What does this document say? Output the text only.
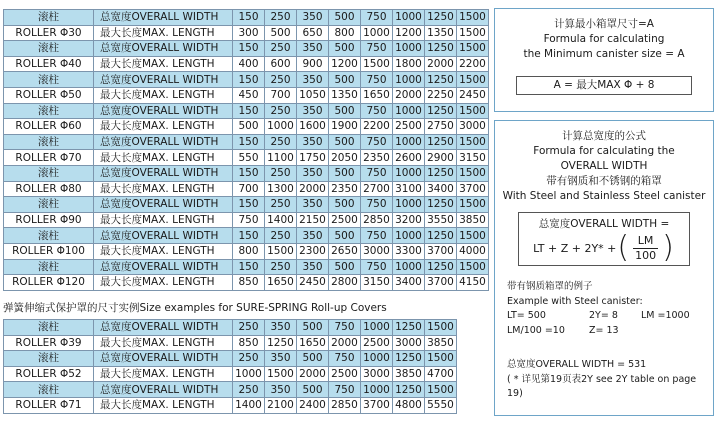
滚柱	总宽度OVERALL WIDTH	150	250	350	500	750	1000	1250	1500
ROLLER Φ30	最大长度MAX. LENGTH	300	500	650	800	1000	1200	1350	1500
滚柱	总宽度OVERALL WIDTH	150	250	350	500	750	1000	1250	1500
ROLLER Φ40	最大长度MAX. LENGTH	400	600	900	1200	1500	1800	2000	2200
滚柱	总宽度OVERALL WIDTH	150	250	350	500	750	1000	1250	1500
ROLLER Φ50	最大长度MAX. LENGTH	450	700	1050	1350	1650	2000	2250	2450
滚柱	总宽度OVERALL WIDTH	150	250	350	500	750	1000	1250	1500
ROLLER Φ60	最大长度MAX. LENGTH	500	1000	1600	1900	2200	2500	2750	3000
滚柱	总宽度OVERALL WIDTH	150	250	350	500	750	1000	1250	1500
ROLLER Φ70	最大长度MAX. LENGTH	550	1100	1750	2050	2350	2600	2900	3150
滚柱	总宽度OVERALL WIDTH	150	250	350	500	750	1000	1250	1500
ROLLER Φ80	最大长度MAX. LENGTH	700	1300	2000	2350	2700	3100	3400	3700
滚柱	总宽度OVERALL WIDTH	150	250	350	500	750	1000	1250	1500
ROLLER Φ90	最大长度MAX. LENGTH	750	1400	2150	2500	2850	3200	3550	3850
滚柱	总宽度OVERALL WIDTH	150	250	350	500	750	1000	1250	1500
ROLLER Φ100	最大长度MAX. LENGTH	800	1500	2300	2650	3000	3300	3700	4000
滚柱	总宽度OVERALL WIDTH	150	250	350	500	750	1000	1250	1500
ROLLER Φ120	最大长度MAX. LENGTH	850	1650	2450	2800	3150	3400	3700	4150
弹簧伸缩式保护罩的尺寸实例Size examples for SURE-SPRING Roll-up Covers
滚柱	总宽度OVERALL WIDTH	250	350	500	750	1000	1250	1500
ROLLER Φ39	最大长度MAX. LENGTH	850	1250	1650	2000	2500	3000	3850
滚柱	总宽度OVERALL WIDTH	250	350	500	750	1000	1250	1500
ROLLER Φ52	最大长度MAX. LENGTH	1000	1500	2000	2500	3000	3850	4700
滚柱	总宽度OVERALL WIDTH	250	350	500	750	1000	1250	1500
ROLLER Φ71	最大长度MAX. LENGTH	1400	2100	2400	2850	3700	4800	5550
计算最小箱罩尺寸=A
Formula for calculating
the Minimum canister size = A
A = 最大MAX Φ + 8
计算总宽度的公式
Formula for calculating the
OVERALL WIDTH
带有钢质和不锈钢的箱罩
With Steel and Stainless Steel canister
总宽度OVERALL WIDTH =
LT + Z + 2Y* + ( $\frac{LM}{100}$ )
带有钢质箱罩的例子
Example with Steel canister:
LT= 500	2Y= 8	LM =1000
LM/100 =10	Z= 13
总宽度OVERALL WIDTH = 531
( * 详见第19页表2Y see 2Y table on page 19)
